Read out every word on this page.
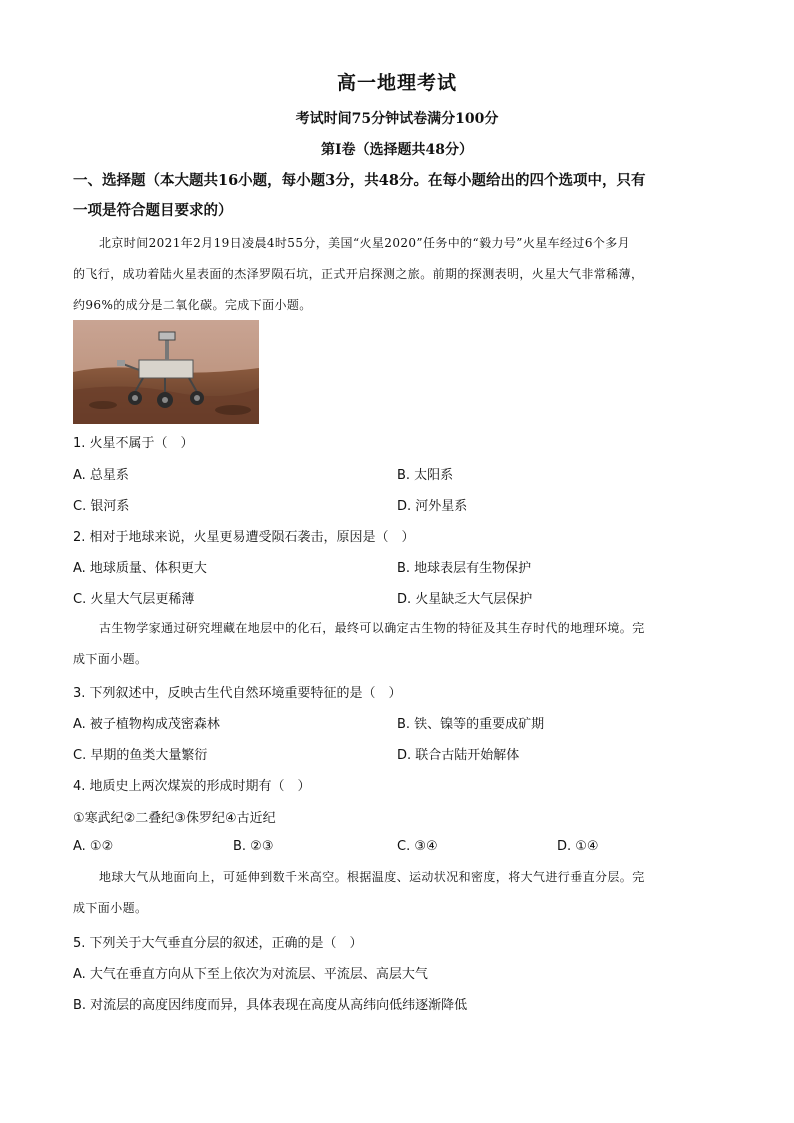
高一地理考试
考试时间75分钟试卷满分100分
第Ⅰ卷（选择题共48分）
一、选择题（本大题共16小题，每小题3分，共48分。在每小题给出的四个选项中，只有
一项是符合题目要求的）
北京时间2021年2月19日凌晨4时55分，美国“火星2020”任务中的“毅力号”火星车经过6个多月
的飞行，成功着陆火星表面的杰泽罗陨石坑，正式开启探测之旅。前期的探测表明，火星大气非常稀薄，
约96%的成分是二氧化碳。完成下面小题。
1. 火星不属于（　）
A. 总星系	B. 太阳系
C. 银河系	D. 河外星系
2. 相对于地球来说，火星更易遭受陨石袭击，原因是（　）
A. 地球质量、体积更大	B. 地球表层有生物保护
C. 火星大气层更稀薄	D. 火星缺乏大气层保护
古生物学家通过研究埋藏在地层中的化石，最终可以确定古生物的特征及其生存时代的地理环境。完
成下面小题。
3. 下列叙述中，反映古生代自然环境重要特征的是（　）
A. 被子植物构成茂密森林	B. 铁、镍等的重要成矿期
C. 早期的鱼类大量繁衍	D. 联合古陆开始解体
4. 地质史上两次煤炭的形成时期有（　）
①寒武纪②二叠纪③侏罗纪④古近纪
A. ①②	B. ②③	C. ③④	D. ①④
地球大气从地面向上，可延伸到数千米高空。根据温度、运动状况和密度，将大气进行垂直分层。完
成下面小题。
5. 下列关于大气垂直分层的叙述，正确的是（　）
A. 大气在垂直方向从下至上依次为对流层、平流层、高层大气
B. 对流层的高度因纬度而异，具体表现在高度从高纬向低纬逐渐降低
